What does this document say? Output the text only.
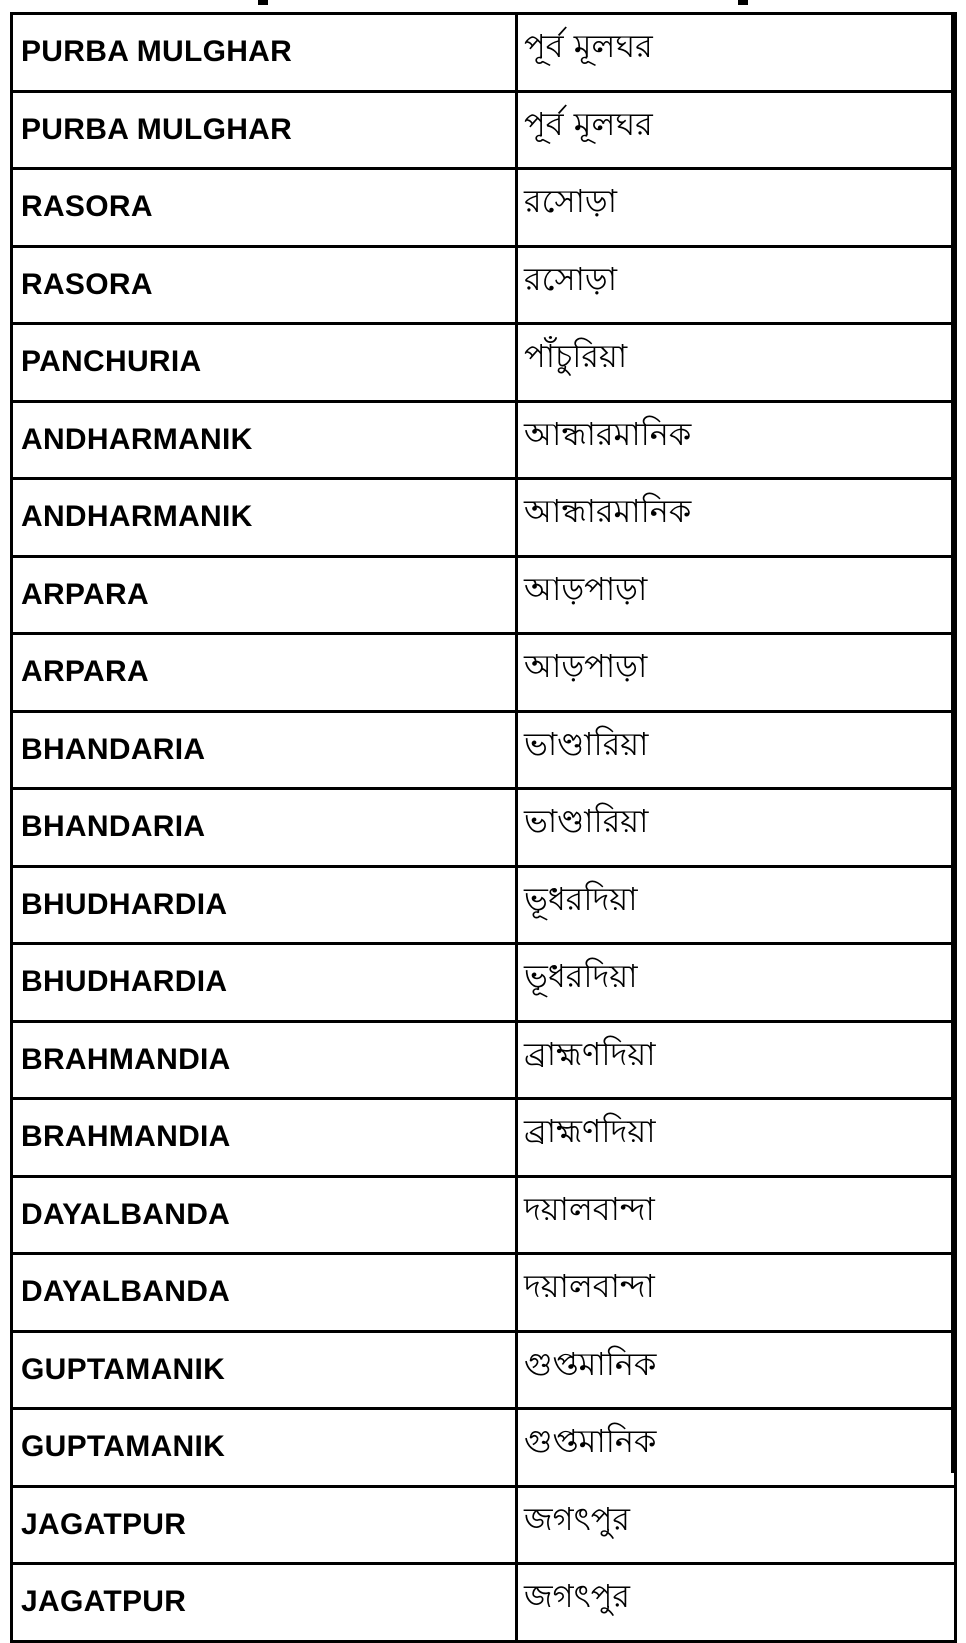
PURBA MULGHAR	পূর্ব মূলঘর
PURBA MULGHAR	পূর্ব মূলঘর
RASORA	রসোড়া
RASORA	রসোড়া
PANCHURIA	পাঁচুরিয়া
ANDHARMANIK	আন্ধারমানিক
ANDHARMANIK	আন্ধারমানিক
ARPARA	আড়পাড়া
ARPARA	আড়পাড়া
BHANDARIA	ভাণ্ডারিয়া
BHANDARIA	ভাণ্ডারিয়া
BHUDHARDIA	ভূধরদিয়া
BHUDHARDIA	ভূধরদিয়া
BRAHMANDIA	ব্রাহ্মণদিয়া
BRAHMANDIA	ব্রাহ্মণদিয়া
DAYALBANDA	দয়ালবান্দা
DAYALBANDA	দয়ালবান্দা
GUPTAMANIK	গুপ্তমানিক
GUPTAMANIK	গুপ্তমানিক
JAGATPUR	জগৎপুর
JAGATPUR	জগৎপুর
